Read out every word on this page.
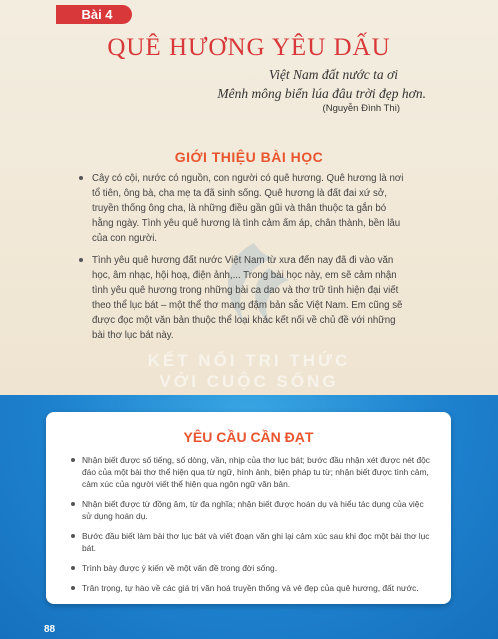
Bài 4
QUÊ HƯƠNG YÊU DẤU
Việt Nam đất nước ta ơi
Mênh mông biển lúa đâu trời đẹp hơn.
(Nguyễn Đình Thi)
GIỚI THIỆU BÀI HỌC
Cây có cội, nước có nguồn, con người có quê hương. Quê hương là nơi tổ tiên, ông bà, cha mẹ ta đã sinh sống. Quê hương là đất đai xứ sở, truyền thống ông cha, là những điều gần gũi và thân thuộc ta gắn bó hằng ngày. Tình yêu quê hương là tình cảm ấm áp, chân thành, bền lâu của con người.
Tình yêu quê hương đất nước Việt Nam từ xưa đến nay đã đi vào văn học, âm nhạc, hội hoạ, điện ảnh,... Trong bài học này, em sẽ cảm nhận tình yêu quê hương trong những bài ca dao và thơ trữ tình hiện đại viết theo thể lục bát – một thể thơ mang đậm bản sắc Việt Nam. Em cũng sẽ được đọc một văn bản thuộc thể loại khác kết nối về chủ đề với những bài thơ lục bát này.
KẾT NỐI TRI THỨC
VỚI CUỘC SỐNG
YÊU CẦU CẦN ĐẠT
Nhận biết được số tiếng, số dòng, vần, nhịp của thơ lục bát; bước đầu nhận xét được nét độc đáo của một bài thơ thể hiện qua từ ngữ, hình ảnh, biện pháp tu từ; nhận biết được tình cảm, cảm xúc của người viết thể hiện qua ngôn ngữ văn bản.
Nhận biết được từ đồng âm, từ đa nghĩa; nhận biết được hoán dụ và hiểu tác dụng của việc sử dụng hoán dụ.
Bước đầu biết làm bài thơ lục bát và viết đoạn văn ghi lại cảm xúc sau khi đọc một bài thơ lục bát.
Trình bày được ý kiến về một vấn đề trong đời sống.
Trân trọng, tự hào về các giá trị văn hoá truyền thống và vẻ đẹp của quê hương, đất nước.
88
